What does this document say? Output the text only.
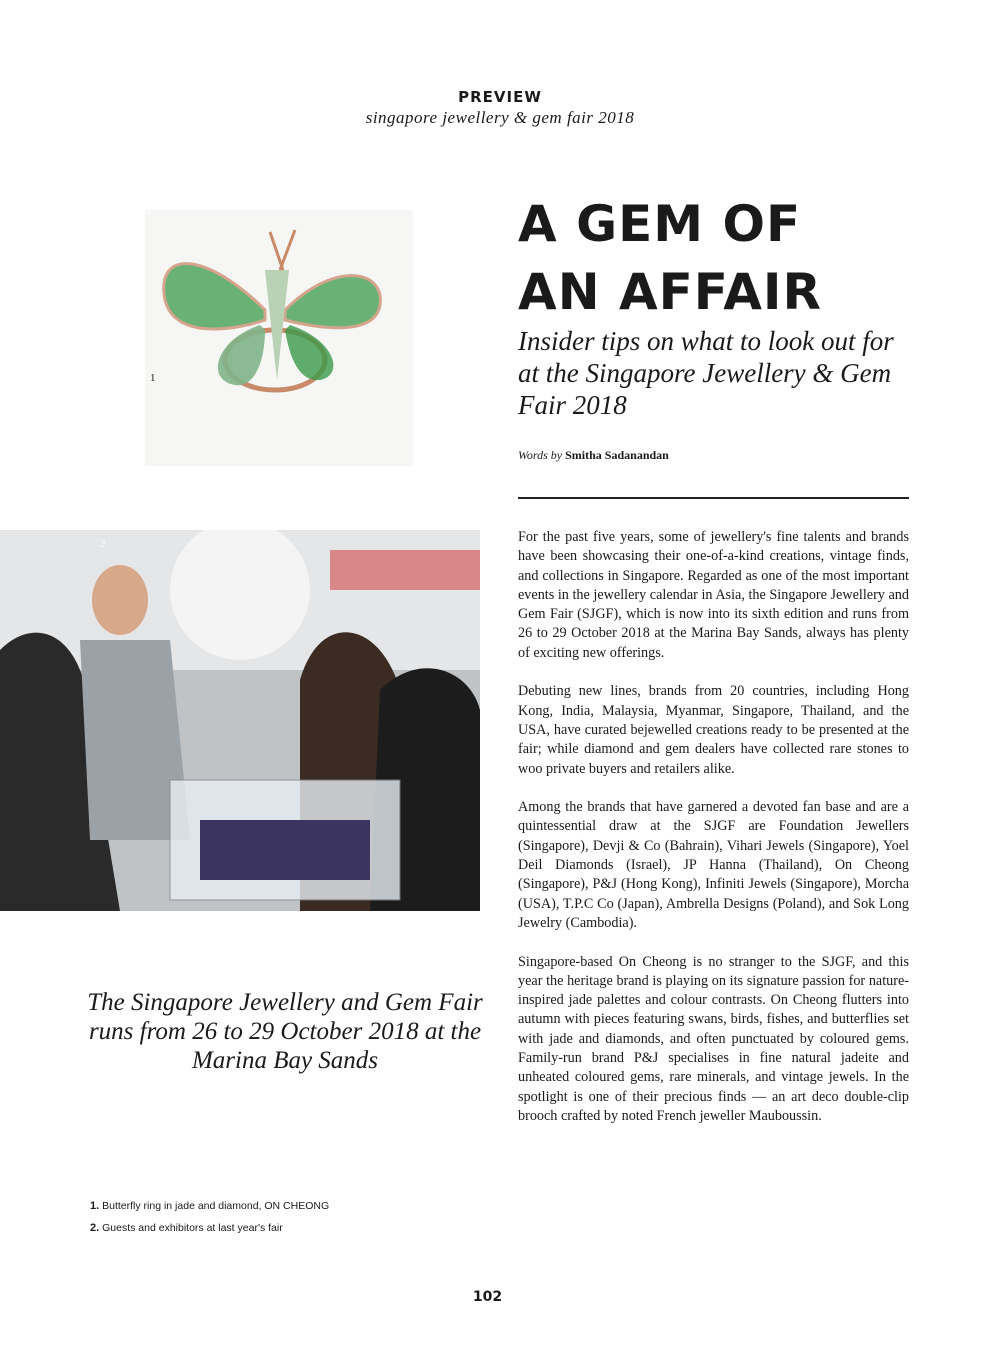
PREVIEW
singapore jewellery & gem fair 2018
1
A GEM OF
AN AFFAIR
Insider tips on what to look out for at the Singapore Jewellery & Gem Fair 2018
Words by Smitha Sadanandan
2	For the past five years, some of jewellery's fine talents and brands have been showcasing their one-of-a-kind creations, vintage finds, and collections in Singapore. Regarded as one of the most important events in the jewellery calendar in Asia, the Singapore Jewellery and Gem Fair (SJGF), which is now into its sixth edition and runs from 26 to 29 October 2018 at the Marina Bay Sands, always has plenty of exciting new offerings.

Debuting new lines, brands from 20 countries, including Hong Kong, India, Malaysia, Myanmar, Singapore, Thailand, and the USA, have curated bejewelled creations ready to be presented at the fair; while diamond and gem dealers have collected rare stones to woo private buyers and retailers alike.

Among the brands that have garnered a devoted fan base and are a quintessential draw at the SJGF are Foundation Jewellers (Singapore), Devji & Co (Bahrain), Vihari Jewels (Singapore), Yoel Deil Diamonds (Israel), JP Hanna (Thailand), On Cheong (Singapore), P&J (Hong Kong), Infiniti Jewels (Singapore), Morcha (USA), T.P.C Co (Japan), Ambrella Designs (Poland), and Sok Long Jewelry (Cambodia).

Singapore-based On Cheong is no stranger to the SJGF, and this year the heritage brand is playing on its signature passion for nature-inspired jade palettes and colour contrasts. On Cheong flutters into autumn with pieces featuring swans, birds, fishes, and butterflies set with jade and diamonds, and often punctuated by coloured gems. Family-run brand P&J specialises in fine natural jadeite and unheated coloured gems, rare minerals, and vintage jewels. In the spotlight is one of their precious finds — an art deco double-clip brooch crafted by noted French jeweller Mauboussin.

The Singapore Jewellery and Gem Fair runs from 26 to 29 October 2018 at the Marina Bay Sands
1. Butterfly ring in jade and diamond, ON CHEONG
2. Guests and exhibitors at last year's fair
102
